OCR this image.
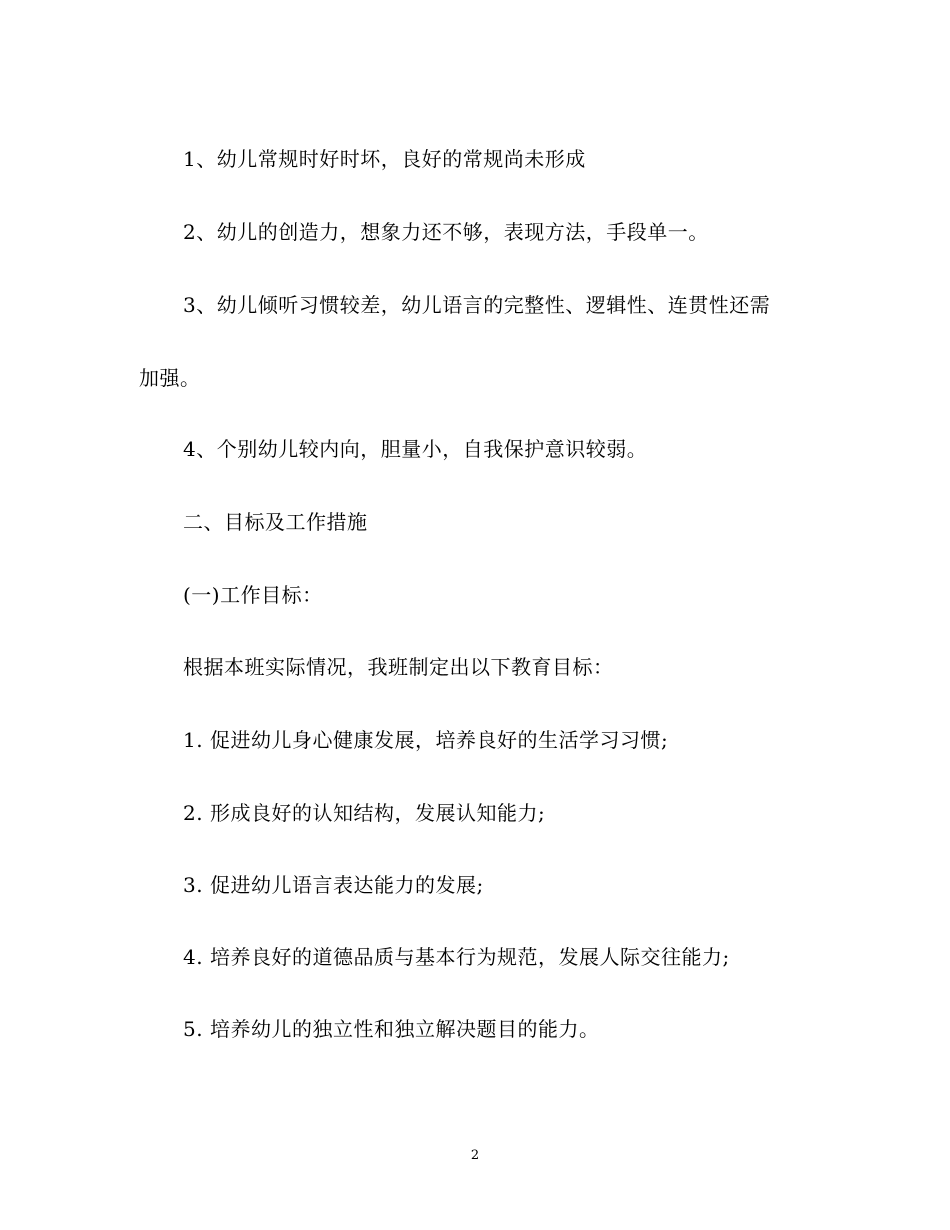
1、幼儿常规时好时坏，良好的常规尚未形成
2、幼儿的创造力，想象力还不够，表现方法，手段单一。
3、幼儿倾听习惯较差，幼儿语言的完整性、逻辑性、连贯性还需
加强。
4、个别幼儿较内向，胆量小，自我保护意识较弱。
二、目标及工作措施
(一)工作目标：
根据本班实际情况，我班制定出以下教育目标：
1. 促进幼儿身心健康发展，培养良好的生活学习习惯;
2. 形成良好的认知结构，发展认知能力;
3. 促进幼儿语言表达能力的发展;
4. 培养良好的道德品质与基本行为规范，发展人际交往能力;
5. 培养幼儿的独立性和独立解决题目的能力。
2
